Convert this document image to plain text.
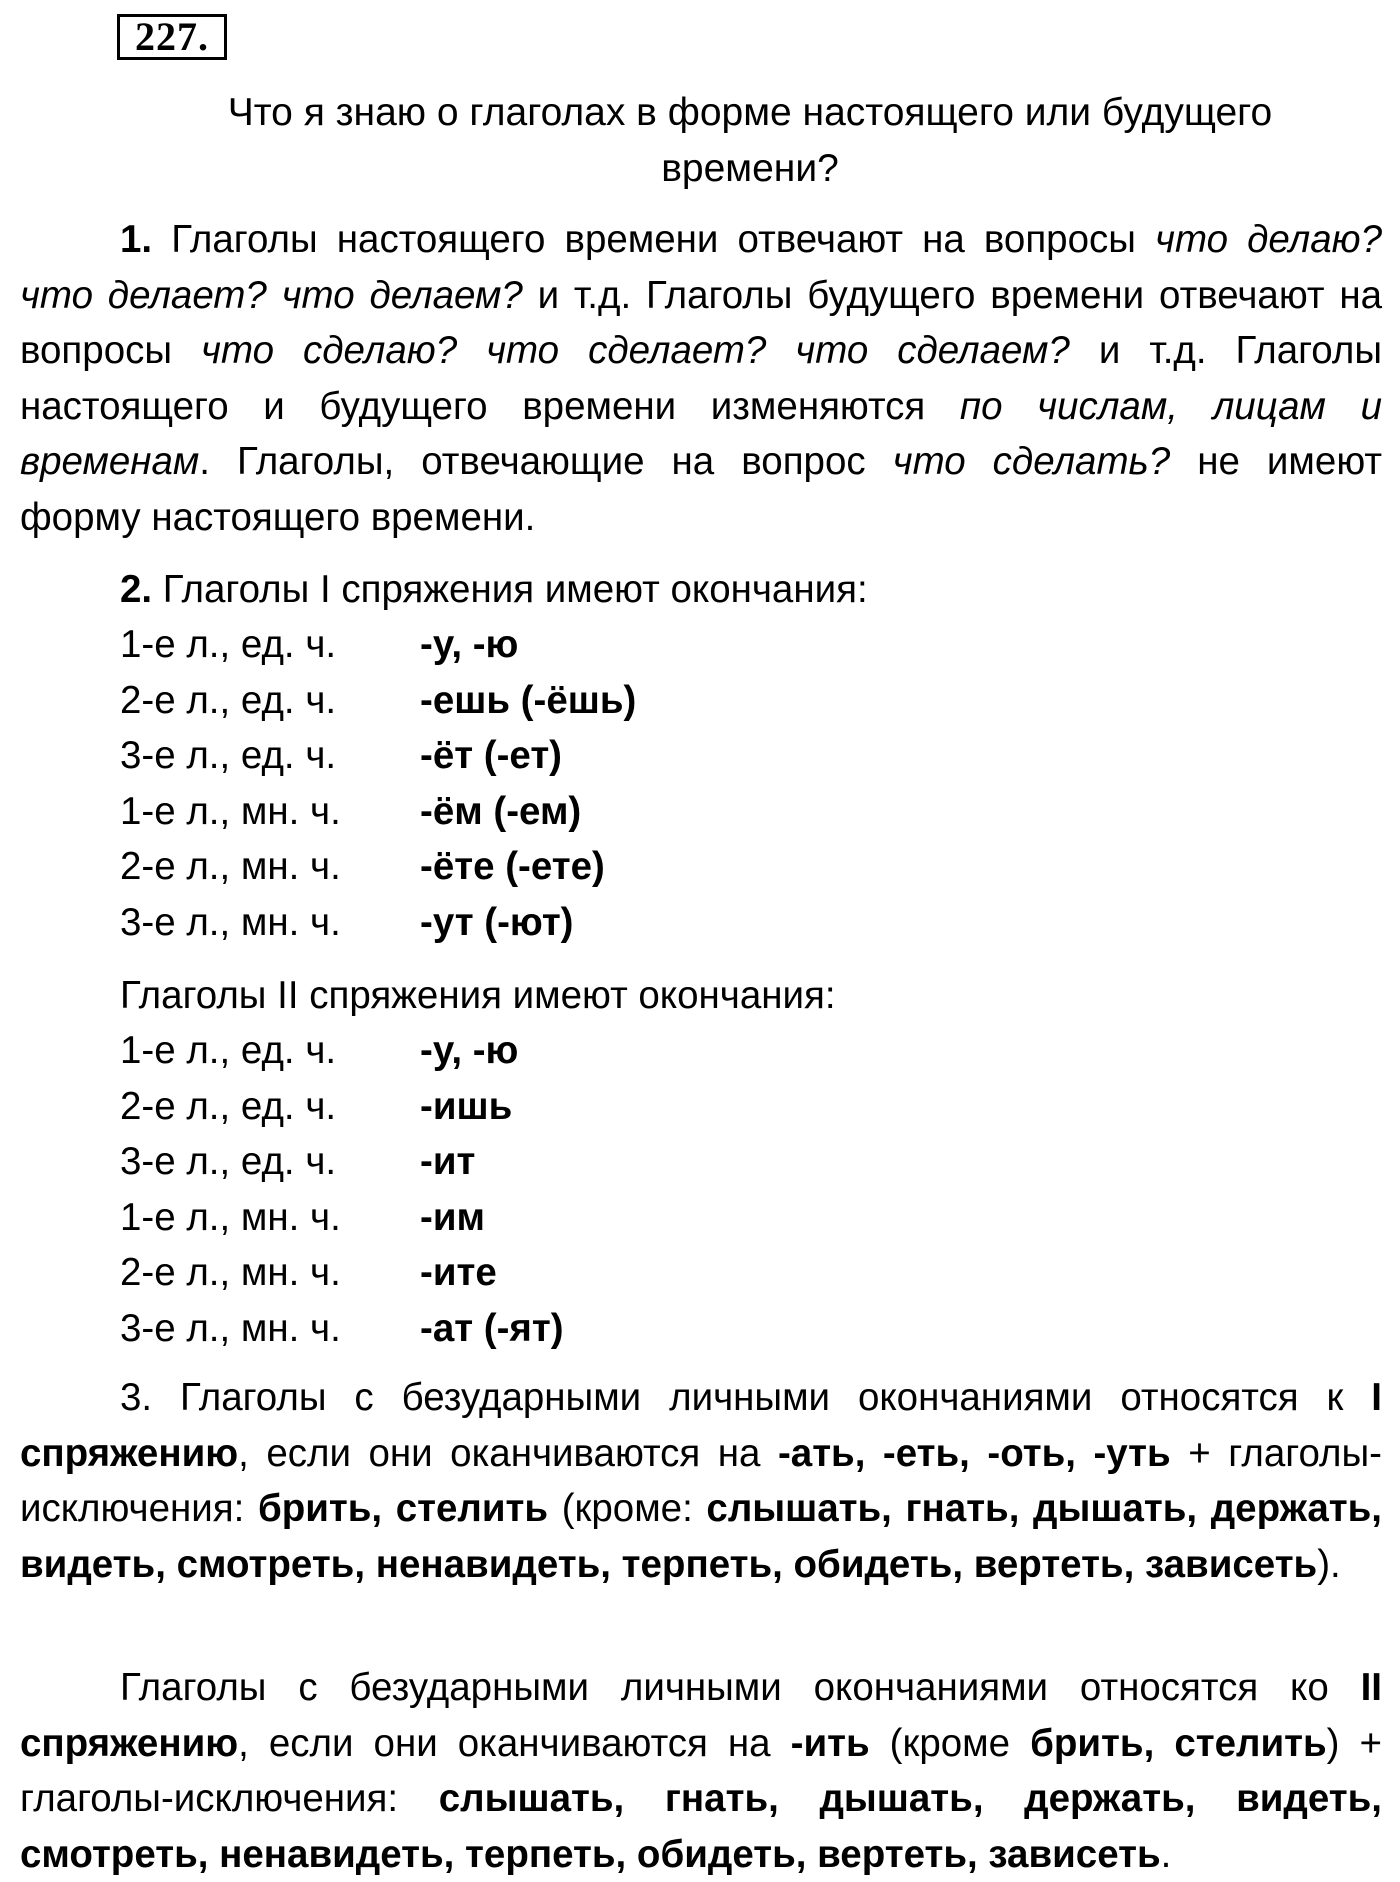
227.
Что я знаю о глаголах в форме настоящего или будущего времени?
1. Глаголы настоящего времени отвечают на вопросы что делаю? что делает? что делаем? и т.д. Глаголы будущего времени отвечают на вопросы что сделаю? что сделает? что сделаем? и т.д. Глаголы настоящего и будущего времени изменяются по числам, лицам и временам. Глаголы, отвечающие на вопрос что сделать? не имеют форму настоящего времени.
2. Глаголы I спряжения имеют окончания:
1-е л., ед. ч.	-у, -ю
2-е л., ед. ч.	-ешь (-ёшь)
3-е л., ед. ч.	-ёт (-ет)
1-е л., мн. ч.	-ём (-ем)
2-е л., мн. ч.	-ёте (-ете)
3-е л., мн. ч.	-ут (-ют)
Глаголы II спряжения имеют окончания:
1-е л., ед. ч.	-у, -ю
2-е л., ед. ч.	-ишь
3-е л., ед. ч.	-ит
1-е л., мн. ч.	-им
2-е л., мн. ч.	-ите
3-е л., мн. ч.	-ат (-ят)
3. Глаголы с безударными личными окончаниями относятся к I спряжению, если они оканчиваются на -ать, -еть, -оть, -уть + глаголы-исключения: брить, стелить (кроме: слышать, гнать, дышать, держать, видеть, смотреть, ненавидеть, терпеть, обидеть, вертеть, зависеть).
Глаголы с безударными личными окончаниями относятся ко II спряжению, если они оканчиваются на -ить (кроме брить, стелить) + глаголы-исключения: слышать, гнать, дышать, держать, видеть, смотреть, ненавидеть, терпеть, обидеть, вертеть, зависеть.
